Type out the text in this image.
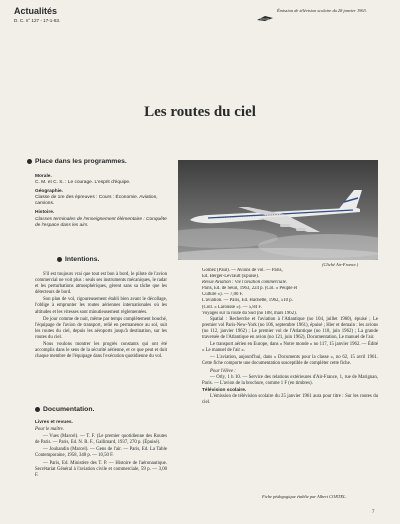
Actualités
D. C. n° 127 - 17-1-63.
Émission de télévision scolaire du 28 janvier 1963.
Les routes du ciel
Place dans les programmes.
Morale.
C. M. et C. S. : Le courage. L'esprit d'équipe.
Géographie.
Classe de 1re des épreuves : Cours : Économie. Aviation, camions.
Histoire.
Classes terminales de l'enseignement élémentaire : Conquête de l'espace dans les airs.
(Cliché Air-France.)
Intentions.

S'il est toujours vrai que tout est bon à bord, le pilote de l'avion commercial ne voit plus : seuls ses instruments mécaniques, le radar et les perturbations atmosphériques, gèrent sans sa tâche que les détecteurs de bord.

Son plan de vol, rigoureusement établi bien avant le décollage, l'oblige à emprunter les routes aériennes internationales où les altitudes et les vitesses sont minutieusement réglementées.

De jour comme de nuit, même par temps complètement bouché, l'équipage de l'avion de transport, relié en permanence au sol, suit les routes du ciel, depuis les aéroports jusqu'à destination, sur les routes du ciel.

Nous voulons montrer les progrès constants qui ont été accomplis dans le sens de la sécurité aérienne, et ce que peut et doit chaque membre de l'équipage dans l'exécution quotidienne du vol.

Documentation.
Livres et revues.
Pour le maître.

— Vues (Marcel). — T. F. (Le premier quotidienne des Routes de Paris. — Paris, Ed. N. R. F., Gallimard, 1937, 270 p. (Épuisé).

— Jouhandin (Marcel). — Gens de l'air. — Paris, Ed. La Table Contemporaine, 1958, 348 p. — 10,50 F.

— Paris, Ed. Ministère des T. P. — Histoire de l'aéronautique. Secrétariat Général à l'aviation civile et commerciale, 59 p. — 3,00 F.

Gomez (Paul). — Avions de vol. — Paris,
Ed. Berger-Levrault (Épuisé).
Revue Aviation : Vie l'aviation commerciale.
Paris, Éd. de Seuil, 1963, 224 p. (Col. « Peuple et
Culture »). — 7,00 F.
L'aviation. — Paris, Éd. Hachette, 1962, 510 p.
(Coll. « Larousse »). — 5,84 F.
Voyages sur la route du Sud (no 108, mars 1962).

Spatial : Recherche et l'aviation à l'Atlantique (no 104, juillet 1960), épuisé ; Le premier vol Paris-New-York (no 106, septembre 1961), épuisé ; Hier et demain : les avions (no 112, janvier 1962) ; Le premier vol de l'Atlantique (no 118, juin 1962) ; La grande traversée de l'Atlantique en avion (no 121, juin 1962), Documentation, Le manuel de l'air.

Le transport aérien en Europe, dans « Notre monde » no 117, 15 janvier 1962. — Édité « Le manuel de l'air ».

— L'aviation, aujourd'hui, dans « Documents pour la classe », no 62, 15 avril 1961. Cette fiche comporte une documentation susceptible de compléter cette fiche.

Pour l'élève :

— Orly, 1 h 10. — Service des relations extérieures d'Air-France, 1, rue de Marignan, Paris. — L'avion de la brochure, comme 1 F (en timbres).

Télévision scolaire.

L'émission de télévision scolaire du 25 janvier 1961 aura pour titre : Sur les routes du ciel.

Fiche pédagogique établie par Albert CORTEL.
7
